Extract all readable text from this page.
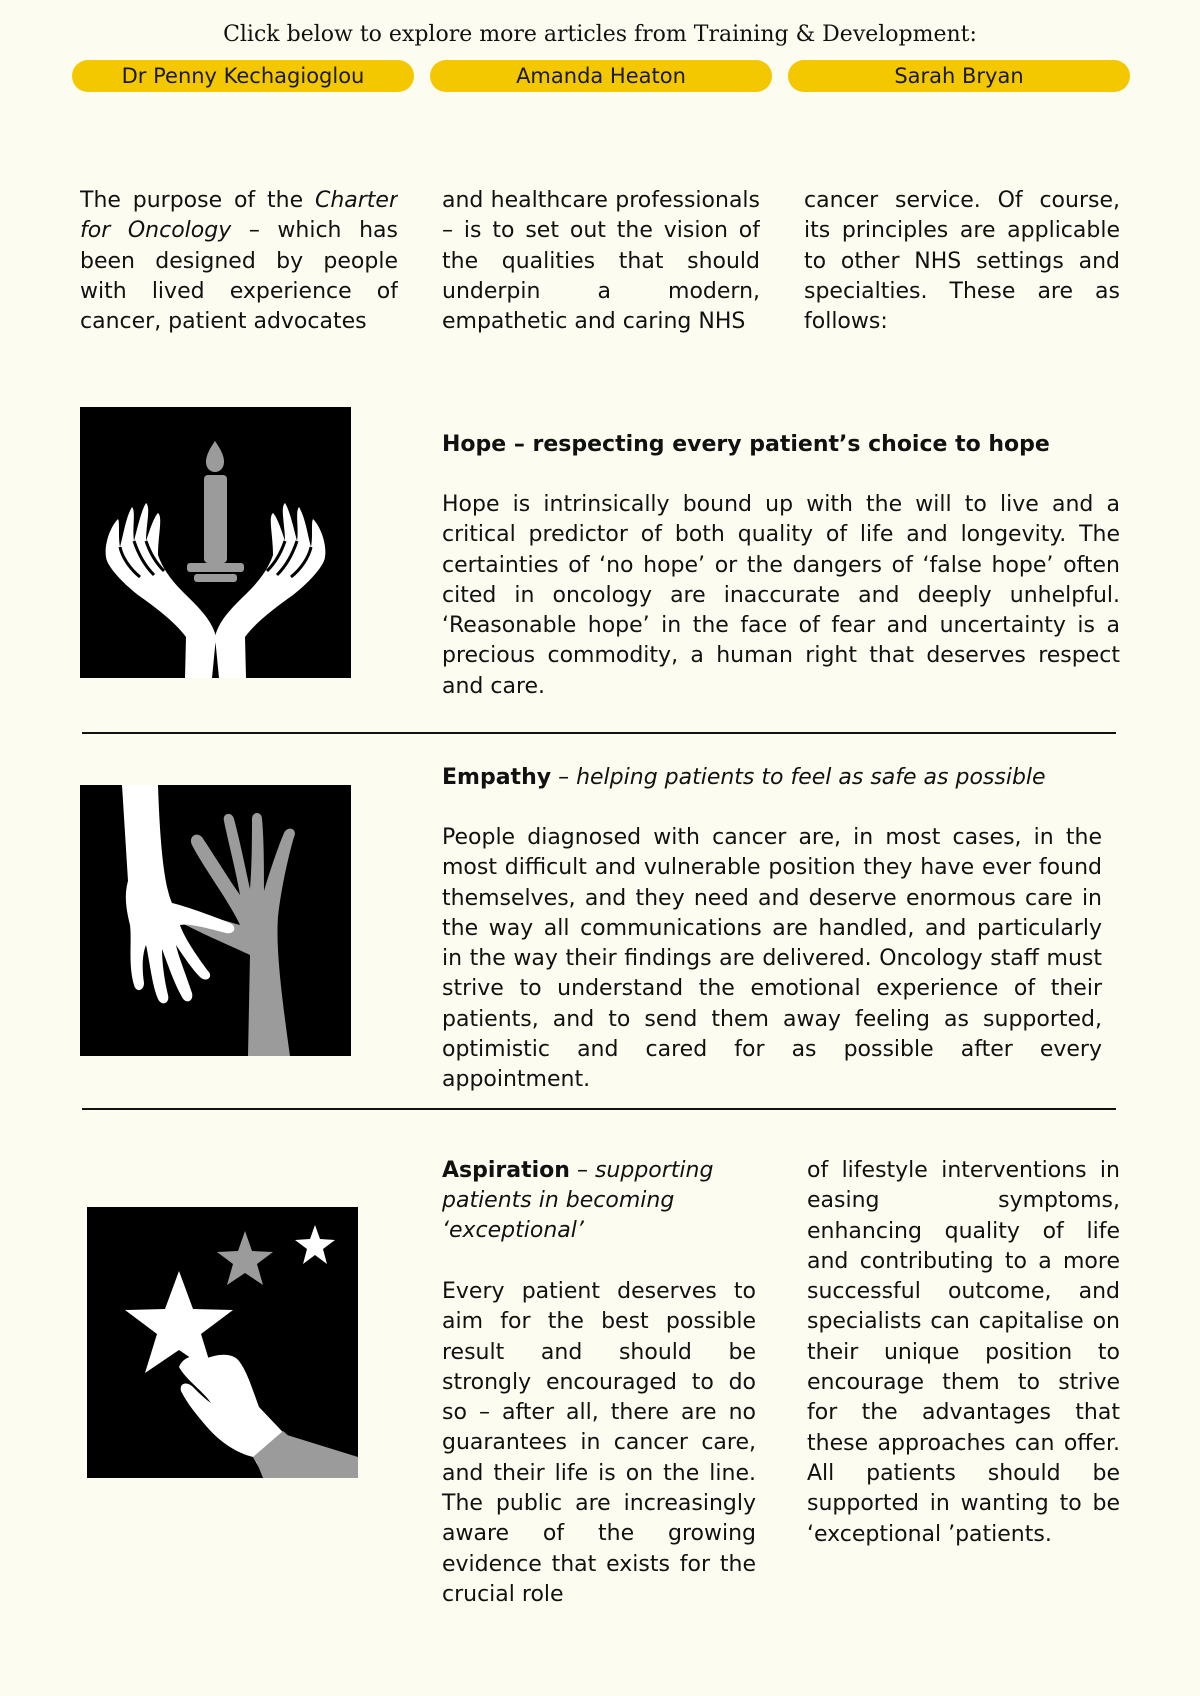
Click below to explore more articles from Training & Development:
Dr Penny Kechagioglou	Amanda Heaton	Sarah Bryan
The purpose of the Charter for Oncology – which has been designed by people with lived experience of cancer, patient advocates
and healthcare professionals – is to set out the vision of the qualities that should underpin a modern, empathetic and caring NHS
cancer service. Of course, its principles are applicable to other NHS settings and specialties. These are as
follows:
Hope – respecting every patient’s choice to hope
Hope is intrinsically bound up with the will to live and a critical predictor of both quality of life and longevity. The certainties of ‘no hope’ or the dangers of ‘false hope’ often cited in oncology are inaccurate and deeply unhelpful. ‘Reasonable hope’ in the face of fear and uncertainty is a precious commodity, a human right that deserves respect and care.
Empathy – helping patients to feel as safe as possible
People diagnosed with cancer are, in most cases, in the most difficult and vulnerable position they have ever found themselves, and they need and deserve enormous care in the way all communications are handled, and particularly in the way their findings are delivered. Oncology staff must strive to understand the emotional experience of their patients, and to send them away feeling as supported, optimistic and cared for as possible after every appointment.
Aspiration – supporting patients in becoming ‘exceptional’
Every patient deserves to aim for the best possible result and should be strongly encouraged to do so – after all, there are no guarantees in cancer care, and their life is on the line. The public are increasingly aware of the growing evidence that exists for the crucial role
of lifestyle interventions in easing symptoms, enhancing quality of life and contributing to a more successful outcome, and specialists can capitalise on their unique position to encourage them to strive for the advantages that these approaches can offer. All patients should be supported in wanting to be ‘exceptional ’patients.
